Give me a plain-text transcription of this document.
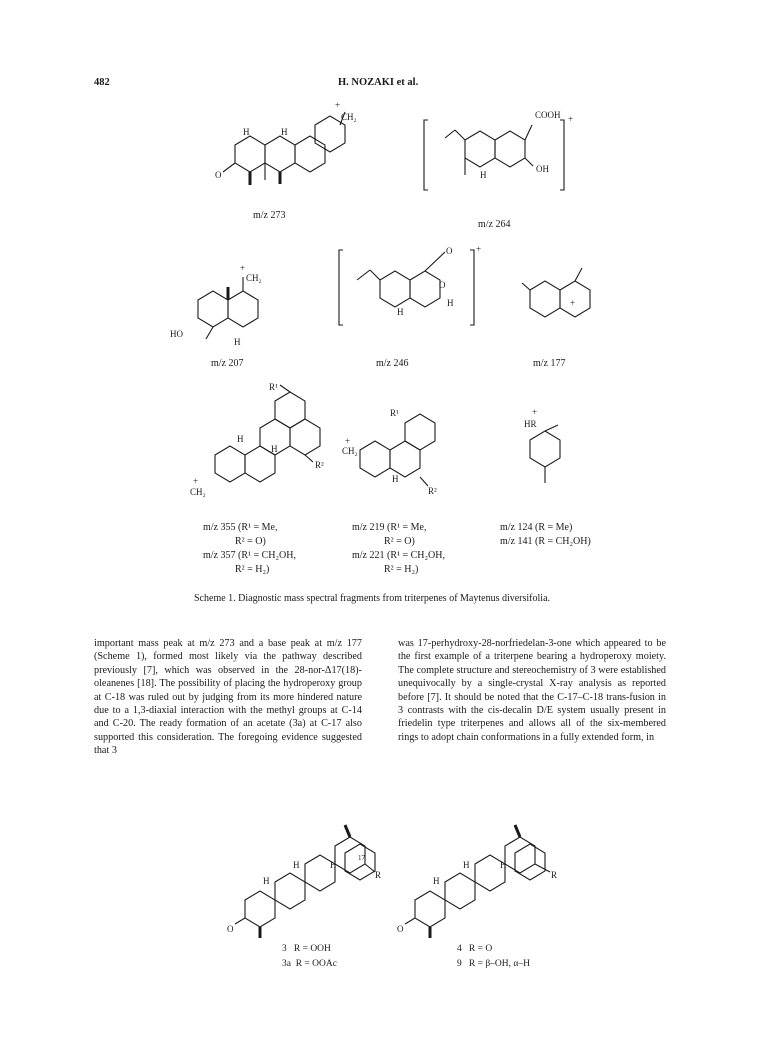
482	H. NOZAKI et al.
O
H	H
+
CH₂
m/z 273
COOH
OH
H
+
m/z 264
HO
H
+
CH₂
m/z 207
O
O
H
H
+
m/z 246
+
m/z 177
R¹
R²
H
H
CH₂
+
m/z 355 (R¹ = Me,
R² = O)
m/z 357 (R¹ = CH₂OH,
R² = H₂)
R¹
R²
H
CH₂
+
m/z 219 (R¹ = Me,
R² = O)
m/z 221 (R¹ = CH₂OH,
R² = H₂)
HR
+
m/z 124 (R = Me)
m/z 141 (R = CH₂OH)
Scheme 1. Diagnostic mass spectral fragments from triterpenes of Maytenus diversifolia.

important mass peak at m/z 273 and a base peak at m/z 177 (Scheme 1), formed most likely via the pathway described previously [7], which was observed in the 28-nor-Δ17(18)-oleanenes [18]. The possibility of placing the hydroperoxy group at C-18 was ruled out by judging from its more hindered nature due to a 1,3-diaxial interaction with the methyl groups at C-14 and C-20. The ready formation of an acetate (3a) at C-17 also supported this consideration. The foregoing evidence suggested that 3

was 17-perhydroxy-28-norfriedelan-3-one which appeared to be the first example of a triterpene bearing a hydroperoxy moiety. The complete structure and stereochemistry of 3 were established unequivocally by a single-crystal X-ray analysis as reported before [7]. It should be noted that the C-17–C-18 trans-fusion in 3 contrasts with the cis-decalin D/E system usually present in friedelin type triterpenes and allows all of the six-membered rings to adopt chain conformations in a fully extended form, in

O
H
H	H
R
17
O
H
H	H
R
3   R = OOH
3a  R = OOAc
4   R = O
9   R = β–OH, α–H
